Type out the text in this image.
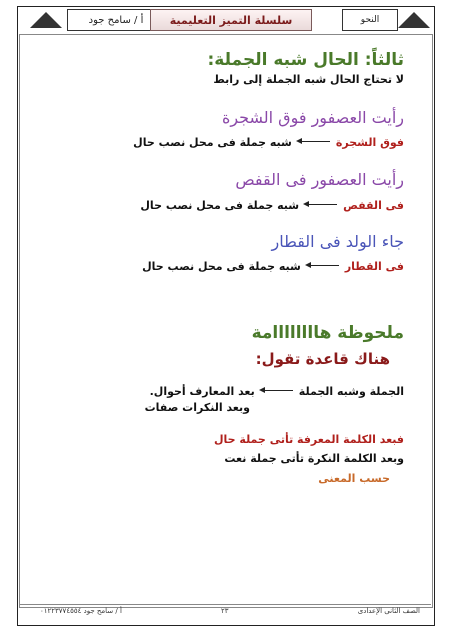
أ / سامح جود	سلسلة التميز التعليمية	النحو
ثالثاً: الحال شبه الجملة:
لا تحتاج الحال شبه الجملة إلى رابط
رأيت العصفور فوق الشجرة
فوق الشجرةشبه جملة فى محل نصب حال
رأيت العصفور فى القفص
فى القفصشبه جملة فى محل نصب حال
جاء الولد فى القطار
فى القطارشبه جملة فى محل نصب حال
ملحوظة هاااااااامة
هناك قاعدة تقول:
الجملة وشبه الجملةبعد المعارف أحوال.
وبعد النكرات صفات
فبعد الكلمة المعرفة تأتى جملة حال
وبعد الكلمة النكرة تأتى جملة نعت
حسب المعنى
الصف الثانى الإعدادى
٢٣
أ / سامح جود ٠١٢٢٣٧٧٤٥٥٤
